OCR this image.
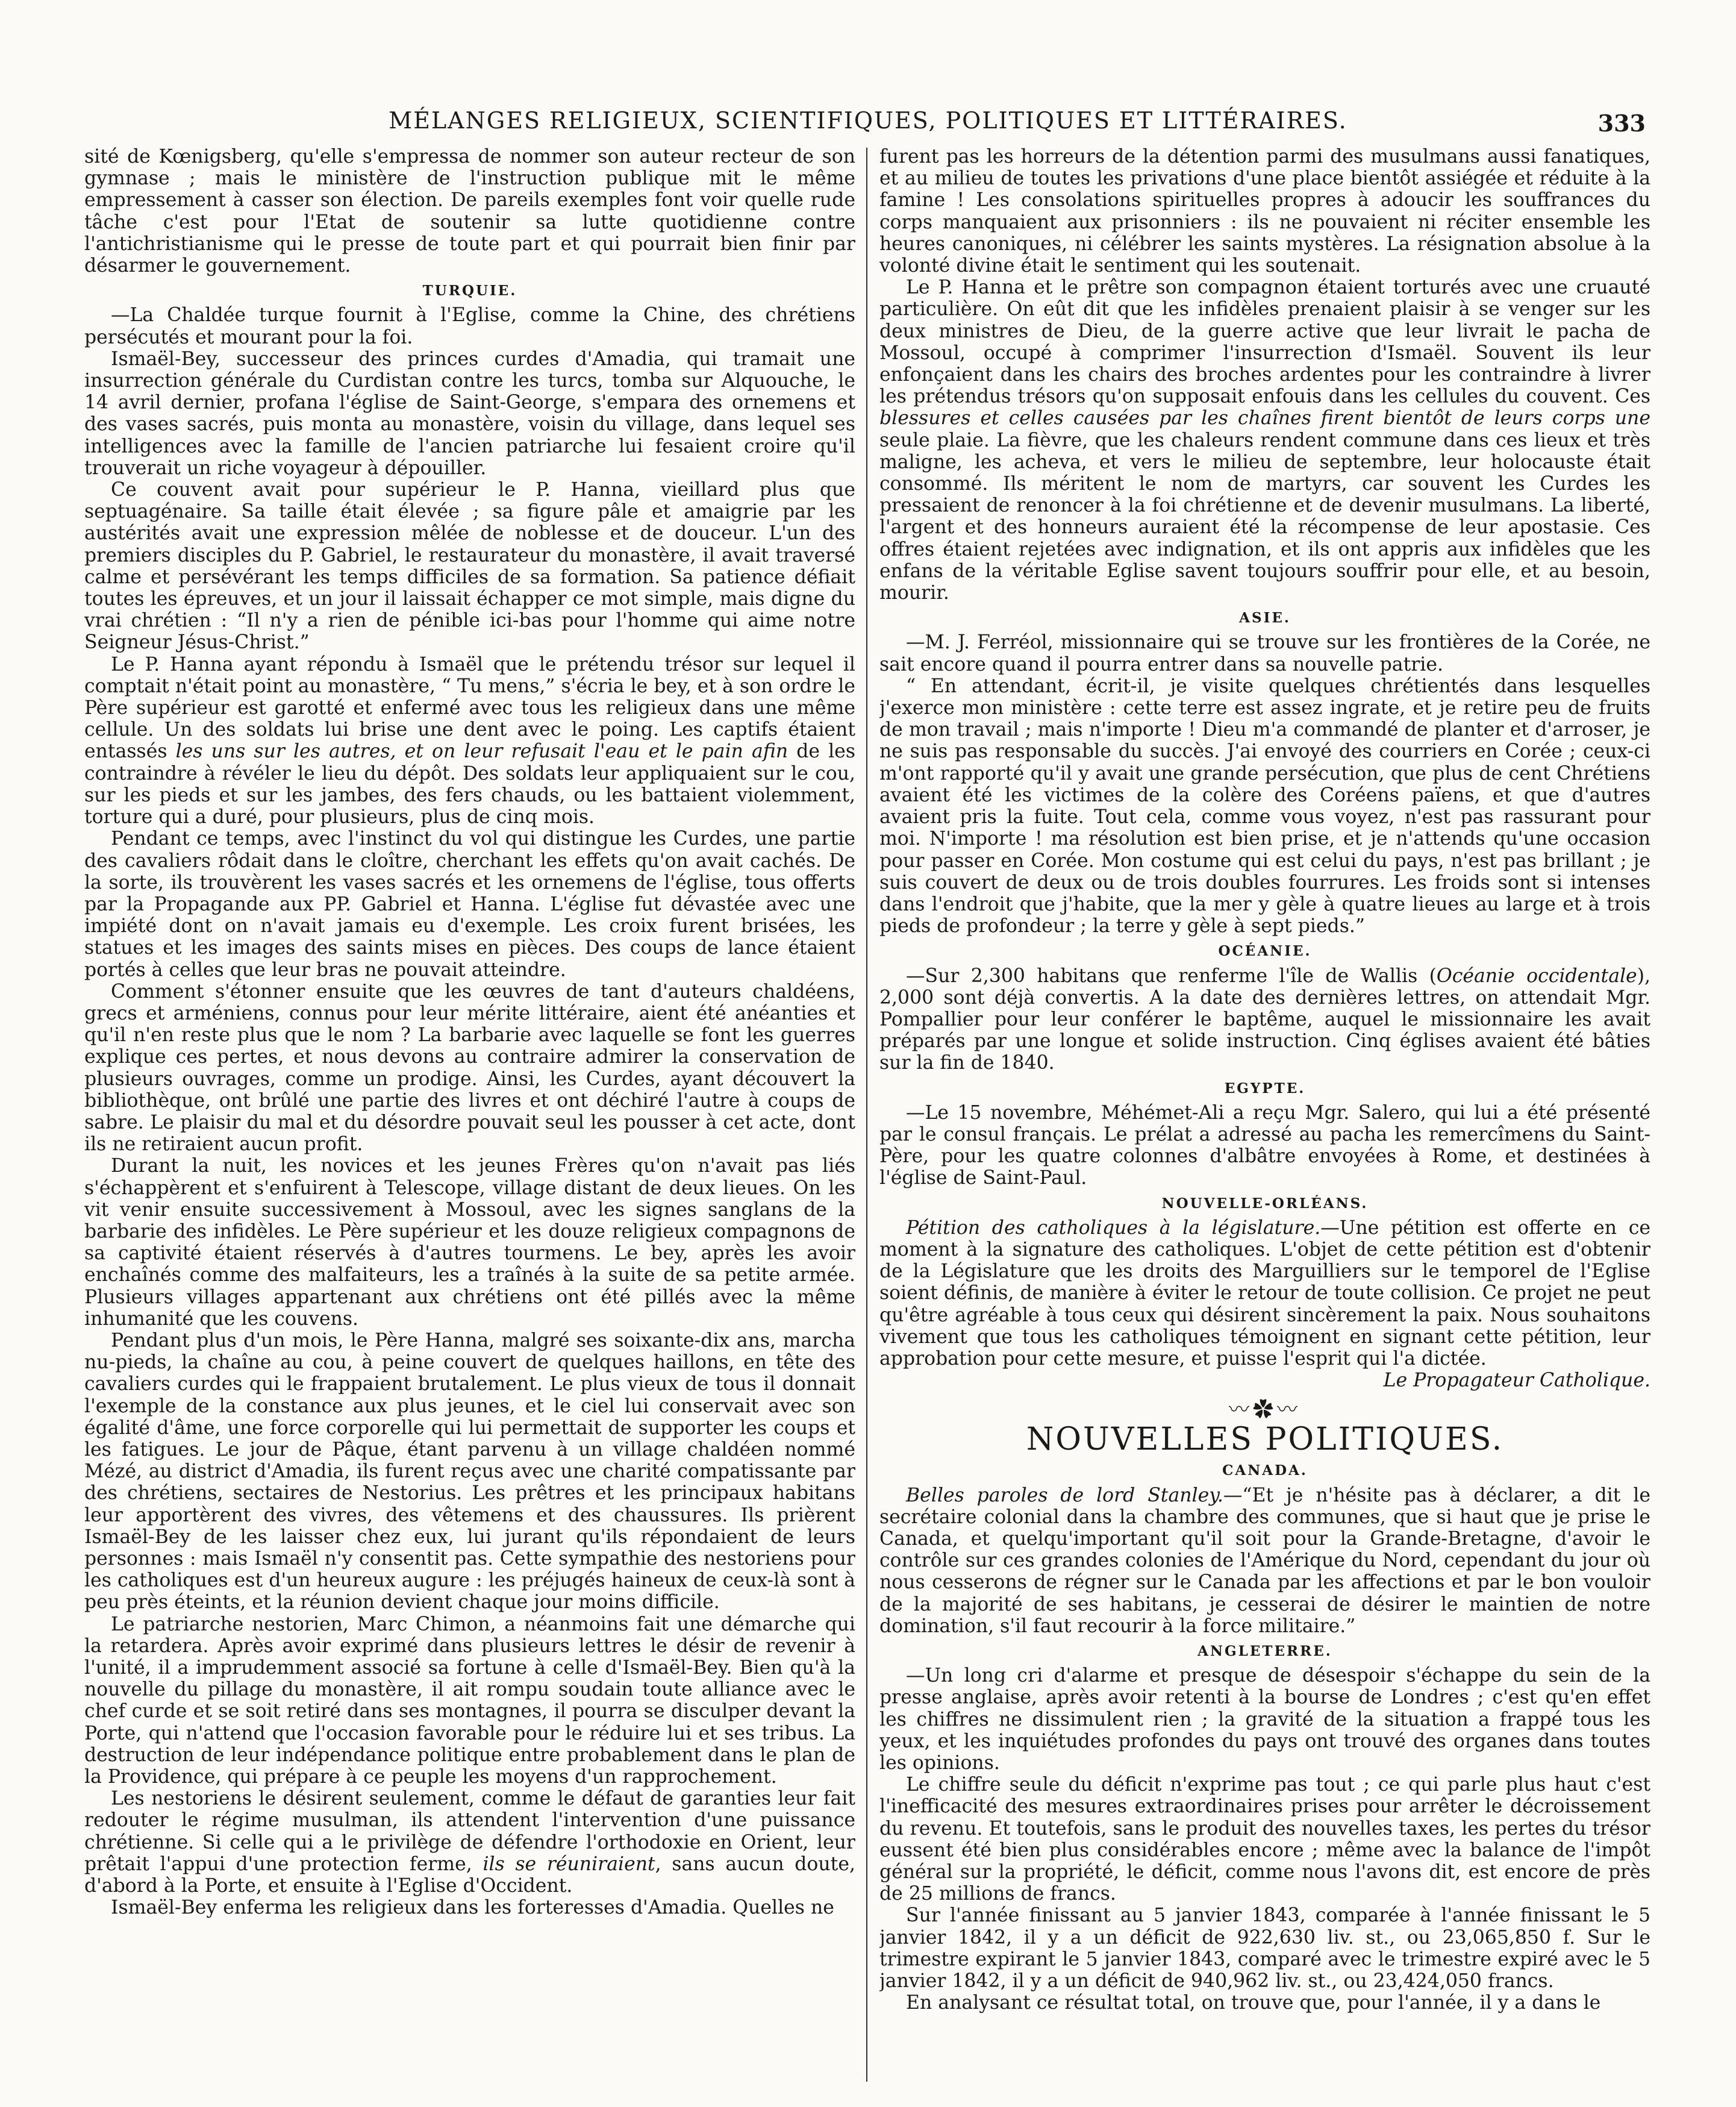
MÉLANGES RELIGIEUX, SCIENTIFIQUES, POLITIQUES ET LITTÉRAIRES.	333

sité de Kœnigsberg, qu'elle s'empressa de nommer son auteur recteur de son gymnase ; mais le ministère de l'instruction publique mit le même empressement à casser son élection. De pareils exemples font voir quelle rude tâche c'est pour l'Etat de soutenir sa lutte quotidienne contre l'antichristianisme qui le presse de toute part et qui pourrait bien finir par désarmer le gouvernement.

TURQUIE.

—La Chaldée turque fournit à l'Eglise, comme la Chine, des chrétiens persécutés et mourant pour la foi.

Ismaël-Bey, successeur des princes curdes d'Amadia, qui tramait une insurrection générale du Curdistan contre les turcs, tomba sur Alquouche, le 14 avril dernier, profana l'église de Saint-George, s'empara des ornemens et des vases sacrés, puis monta au monastère, voisin du village, dans lequel ses intelligences avec la famille de l'ancien patriarche lui fesaient croire qu'il trouverait un riche voyageur à dépouiller.

Ce couvent avait pour supérieur le P. Hanna, vieillard plus que septuagénaire. Sa taille était élevée ; sa figure pâle et amaigrie par les austérités avait une expression mêlée de noblesse et de douceur. L'un des premiers disciples du P. Gabriel, le restaurateur du monastère, il avait traversé calme et persévérant les temps difficiles de sa formation. Sa patience défiait toutes les épreuves, et un jour il laissait échapper ce mot simple, mais digne du vrai chrétien : “Il n'y a rien de pénible ici-bas pour l'homme qui aime notre Seigneur Jésus-Christ.”

Le P. Hanna ayant répondu à Ismaël que le prétendu trésor sur lequel il comptait n'était point au monastère, “ Tu mens,” s'écria le bey, et à son ordre le Père supérieur est garotté et enfermé avec tous les religieux dans une même cellule. Un des soldats lui brise une dent avec le poing. Les captifs étaient entassés les uns sur les autres, et on leur refusait l'eau et le pain afin de les contraindre à révéler le lieu du dépôt. Des soldats leur appliquaient sur le cou, sur les pieds et sur les jambes, des fers chauds, ou les battaient violemment, torture qui a duré, pour plusieurs, plus de cinq mois.

Pendant ce temps, avec l'instinct du vol qui distingue les Curdes, une partie des cavaliers rôdait dans le cloître, cherchant les effets qu'on avait cachés. De la sorte, ils trouvèrent les vases sacrés et les ornemens de l'église, tous offerts par la Propagande aux PP. Gabriel et Hanna. L'église fut dévastée avec une impiété dont on n'avait jamais eu d'exemple. Les croix furent brisées, les statues et les images des saints mises en pièces. Des coups de lance étaient portés à celles que leur bras ne pouvait atteindre.

Comment s'étonner ensuite que les œuvres de tant d'auteurs chaldéens, grecs et arméniens, connus pour leur mérite littéraire, aient été anéanties et qu'il n'en reste plus que le nom ? La barbarie avec laquelle se font les guerres explique ces pertes, et nous devons au contraire admirer la conservation de plusieurs ouvrages, comme un prodige. Ainsi, les Curdes, ayant découvert la bibliothèque, ont brûlé une partie des livres et ont déchiré l'autre à coups de sabre. Le plaisir du mal et du désordre pouvait seul les pousser à cet acte, dont ils ne retiraient aucun profit.

Durant la nuit, les novices et les jeunes Frères qu'on n'avait pas liés s'échappèrent et s'enfuirent à Telescope, village distant de deux lieues. On les vit venir ensuite successivement à Mossoul, avec les signes sanglans de la barbarie des infidèles. Le Père supérieur et les douze religieux compagnons de sa captivité étaient réservés à d'autres tourmens. Le bey, après les avoir enchaînés comme des malfaiteurs, les a traînés à la suite de sa petite armée. Plusieurs villages appartenant aux chrétiens ont été pillés avec la même inhumanité que les couvens.

Pendant plus d'un mois, le Père Hanna, malgré ses soixante-dix ans, marcha nu-pieds, la chaîne au cou, à peine couvert de quelques haillons, en tête des cavaliers curdes qui le frappaient brutalement. Le plus vieux de tous il donnait l'exemple de la constance aux plus jeunes, et le ciel lui conservait avec son égalité d'âme, une force corporelle qui lui permettait de supporter les coups et les fatigues. Le jour de Pâque, étant parvenu à un village chaldéen nommé Mézé, au district d'Amadia, ils furent reçus avec une charité compatissante par des chrétiens, sectaires de Nestorius. Les prêtres et les principaux habitans leur apportèrent des vivres, des vêtemens et des chaussures. Ils prièrent Ismaël-Bey de les laisser chez eux, lui jurant qu'ils répondaient de leurs personnes : mais Ismaël n'y consentit pas. Cette sympathie des nestoriens pour les catholiques est d'un heureux augure : les préjugés haineux de ceux-là sont à peu près éteints, et la réunion devient chaque jour moins difficile.

Le patriarche nestorien, Marc Chimon, a néanmoins fait une démarche qui la retardera. Après avoir exprimé dans plusieurs lettres le désir de revenir à l'unité, il a imprudemment associé sa fortune à celle d'Ismaël-Bey. Bien qu'à la nouvelle du pillage du monastère, il ait rompu soudain toute alliance avec le chef curde et se soit retiré dans ses montagnes, il pourra se disculper devant la Porte, qui n'attend que l'occasion favorable pour le réduire lui et ses tribus. La destruction de leur indépendance politique entre probablement dans le plan de la Providence, qui prépare à ce peuple les moyens d'un rapprochement.

Les nestoriens le désirent seulement, comme le défaut de garanties leur fait redouter le régime musulman, ils attendent l'intervention d'une puissance chrétienne. Si celle qui a le privilège de défendre l'orthodoxie en Orient, leur prêtait l'appui d'une protection ferme, ils se réuniraient, sans aucun doute, d'abord à la Porte, et ensuite à l'Eglise d'Occident.

Ismaël-Bey enferma les religieux dans les forteresses d'Amadia. Quelles ne

furent pas les horreurs de la détention parmi des musulmans aussi fanatiques, et au milieu de toutes les privations d'une place bientôt assiégée et réduite à la famine ! Les consolations spirituelles propres à adoucir les souffrances du corps manquaient aux prisonniers : ils ne pouvaient ni réciter ensemble les heures canoniques, ni célébrer les saints mystères. La résignation absolue à la volonté divine était le sentiment qui les soutenait.

Le P. Hanna et le prêtre son compagnon étaient torturés avec une cruauté particulière. On eût dit que les infidèles prenaient plaisir à se venger sur les deux ministres de Dieu, de la guerre active que leur livrait le pacha de Mossoul, occupé à comprimer l'insurrection d'Ismaël. Souvent ils leur enfonçaient dans les chairs des broches ardentes pour les contraindre à livrer les prétendus trésors qu'on supposait enfouis dans les cellules du couvent. Ces blessures et celles causées par les chaînes firent bientôt de leurs corps une seule plaie. La fièvre, que les chaleurs rendent commune dans ces lieux et très maligne, les acheva, et vers le milieu de septembre, leur holocauste était consommé. Ils méritent le nom de martyrs, car souvent les Curdes les pressaient de renoncer à la foi chrétienne et de devenir musulmans. La liberté, l'argent et des honneurs auraient été la récompense de leur apostasie. Ces offres étaient rejetées avec indignation, et ils ont appris aux infidèles que les enfans de la véritable Eglise savent toujours souffrir pour elle, et au besoin, mourir.

ASIE.

—M. J. Ferréol, missionnaire qui se trouve sur les frontières de la Corée, ne sait encore quand il pourra entrer dans sa nouvelle patrie.

“ En attendant, écrit-il, je visite quelques chrétientés dans lesquelles j'exerce mon ministère : cette terre est assez ingrate, et je retire peu de fruits de mon travail ; mais n'importe ! Dieu m'a commandé de planter et d'arroser, je ne suis pas responsable du succès. J'ai envoyé des courriers en Corée ; ceux-ci m'ont rapporté qu'il y avait une grande persécution, que plus de cent Chrétiens avaient été les victimes de la colère des Coréens païens, et que d'autres avaient pris la fuite. Tout cela, comme vous voyez, n'est pas rassurant pour moi. N'importe ! ma résolution est bien prise, et je n'attends qu'une occasion pour passer en Corée. Mon costume qui est celui du pays, n'est pas brillant ; je suis couvert de deux ou de trois doubles fourrures. Les froids sont si intenses dans l'endroit que j'habite, que la mer y gèle à quatre lieues au large et à trois pieds de profondeur ; la terre y gèle à sept pieds.”

OCÉANIE.

—Sur 2,300 habitans que renferme l'île de Wallis (Océanie occidentale), 2,000 sont déjà convertis. A la date des dernières lettres, on attendait Mgr. Pompallier pour leur conférer le baptême, auquel le missionnaire les avait préparés par une longue et solide instruction. Cinq églises avaient été bâties sur la fin de 1840.

EGYPTE.

—Le 15 novembre, Méhémet-Ali a reçu Mgr. Salero, qui lui a été présenté par le consul français. Le prélat a adressé au pacha les remercîmens du Saint-Père, pour les quatre colonnes d'albâtre envoyées à Rome, et destinées à l'église de Saint-Paul.

NOUVELLE-ORLÉANS.

Pétition des catholiques à la législature.—Une pétition est offerte en ce moment à la signature des catholiques. L'objet de cette pétition est d'obtenir de la Législature que les droits des Marguilliers sur le temporel de l'Eglise soient définis, de manière à éviter le retour de toute collision. Ce projet ne peut qu'être agréable à tous ceux qui désirent sincèrement la paix. Nous souhaitons vivement que tous les catholiques témoignent en signant cette pétition, leur approbation pour cette mesure, et puisse l'esprit qui l'a dictée.

Le Propagateur Catholique.
〰✿〰
NOUVELLES POLITIQUES.
CANADA.

Belles paroles de lord Stanley.—“Et je n'hésite pas à déclarer, a dit le secrétaire colonial dans la chambre des communes, que si haut que je prise le Canada, et quelqu'important qu'il soit pour la Grande-Bretagne, d'avoir le contrôle sur ces grandes colonies de l'Amérique du Nord, cependant du jour où nous cesserons de régner sur le Canada par les affections et par le bon vouloir de la majorité de ses habitans, je cesserai de désirer le maintien de notre domination, s'il faut recourir à la force militaire.”

ANGLETERRE.

—Un long cri d'alarme et presque de désespoir s'échappe du sein de la presse anglaise, après avoir retenti à la bourse de Londres ; c'est qu'en effet les chiffres ne dissimulent rien ; la gravité de la situation a frappé tous les yeux, et les inquiétudes profondes du pays ont trouvé des organes dans toutes les opinions.

Le chiffre seule du déficit n'exprime pas tout ; ce qui parle plus haut c'est l'inefficacité des mesures extraordinaires prises pour arrêter le décroissement du revenu. Et toutefois, sans le produit des nouvelles taxes, les pertes du trésor eussent été bien plus considérables encore ; même avec la balance de l'impôt général sur la propriété, le déficit, comme nous l'avons dit, est encore de près de 25 millions de francs.

Sur l'année finissant au 5 janvier 1843, comparée à l'année finissant le 5 janvier 1842, il y a un déficit de 922,630 liv. st., ou 23,065,850 f. Sur le trimestre expirant le 5 janvier 1843, comparé avec le trimestre expiré avec le 5 janvier 1842, il y a un déficit de 940,962 liv. st., ou 23,424,050 francs.

En analysant ce résultat total, on trouve que, pour l'année, il y a dans le
